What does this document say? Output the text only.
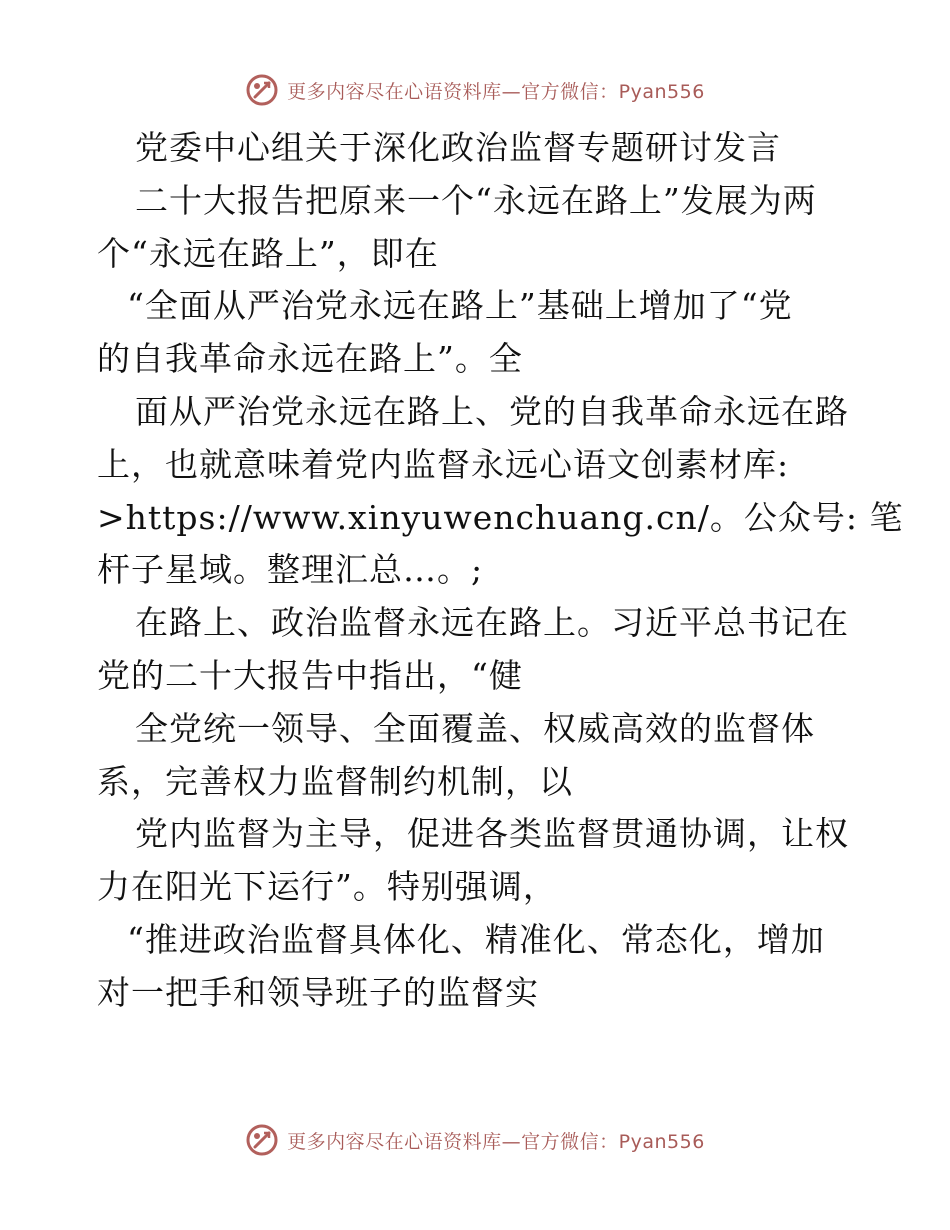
更多内容尽在心语资料库—官方微信：Pyan556
党委中心组关于深化政治监督专题研讨发言
二十大报告把原来一个“永远在路上”发展为两
个“永远在路上”，即在
“全面从严治党永远在路上”基础上增加了“党
的自我革命永远在路上”。全
面从严治党永远在路上、党的自我革命永远在路
上，也就意味着党内监督永远心语文创素材库:
>https://www.xinyuwenchuang.cn/。公众号: 笔
杆子星域。整理汇总…。;
在路上、政治监督永远在路上。习近平总书记在
党的二十大报告中指出，“健
全党统一领导、全面覆盖、权威高效的监督体
系，完善权力监督制约机制，以
党内监督为主导，促进各类监督贯通协调，让权
力在阳光下运行”。特别强调，
“推进政治监督具体化、精准化、常态化，增加
对一把手和领导班子的监督实
更多内容尽在心语资料库—官方微信：Pyan556
